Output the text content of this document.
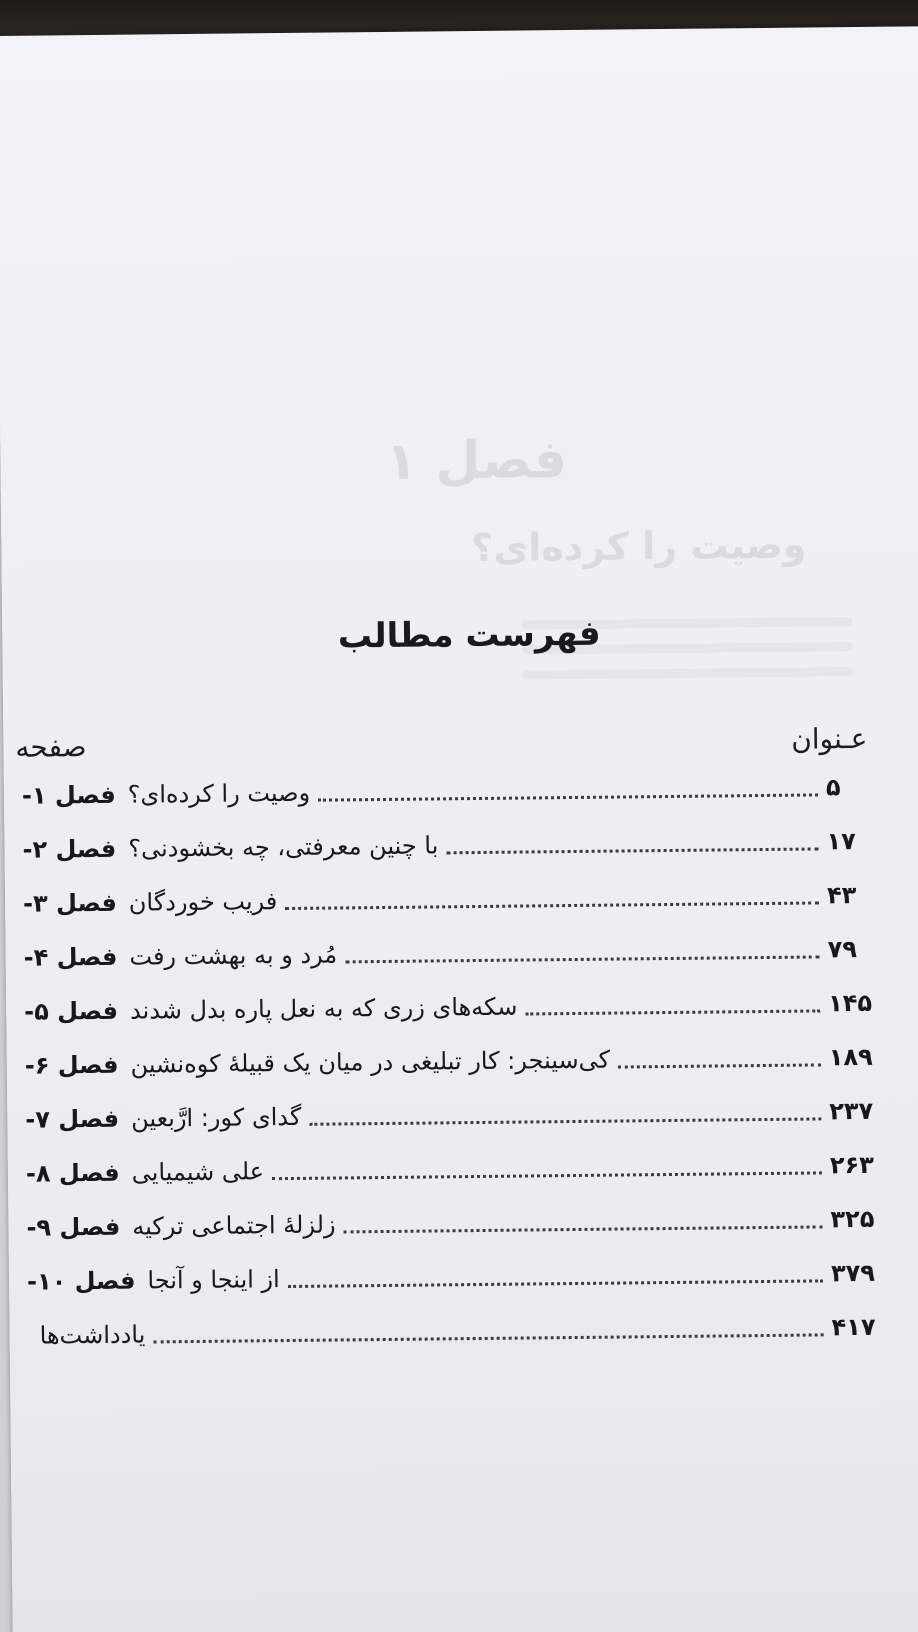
فصل ۱
وصیت را کرده‌ای؟
فهرست مطالب
عـنوان
صفحه
فصل ۱- وصیت را کرده‌ای؟	۵
فصل ۲- با چنین معرفتی، چه بخشودنی؟	۱۷
فصل ۳- فریب خوردگان	۴۳
فصل ۴- مُرد و به بهشت رفت	۷۹
فصل ۵- سکه‌های زری که به نعل پاره بدل شدند	۱۴۵
فصل ۶- کی‌سینجر: کار تبلیغی در میان یک قبیلهٔ کوه‌نشین	۱۸۹
فصل ۷- گدای کور: ارَّبعین	۲۳۷
فصل ۸- علی شیمیایی	۲۶۳
فصل ۹- زلزلهٔ اجتماعی ترکیه	۳۲۵
فصل ۱۰- از اینجا و آنجا	۳۷۹
یادداشت‌ها	۴۱۷
